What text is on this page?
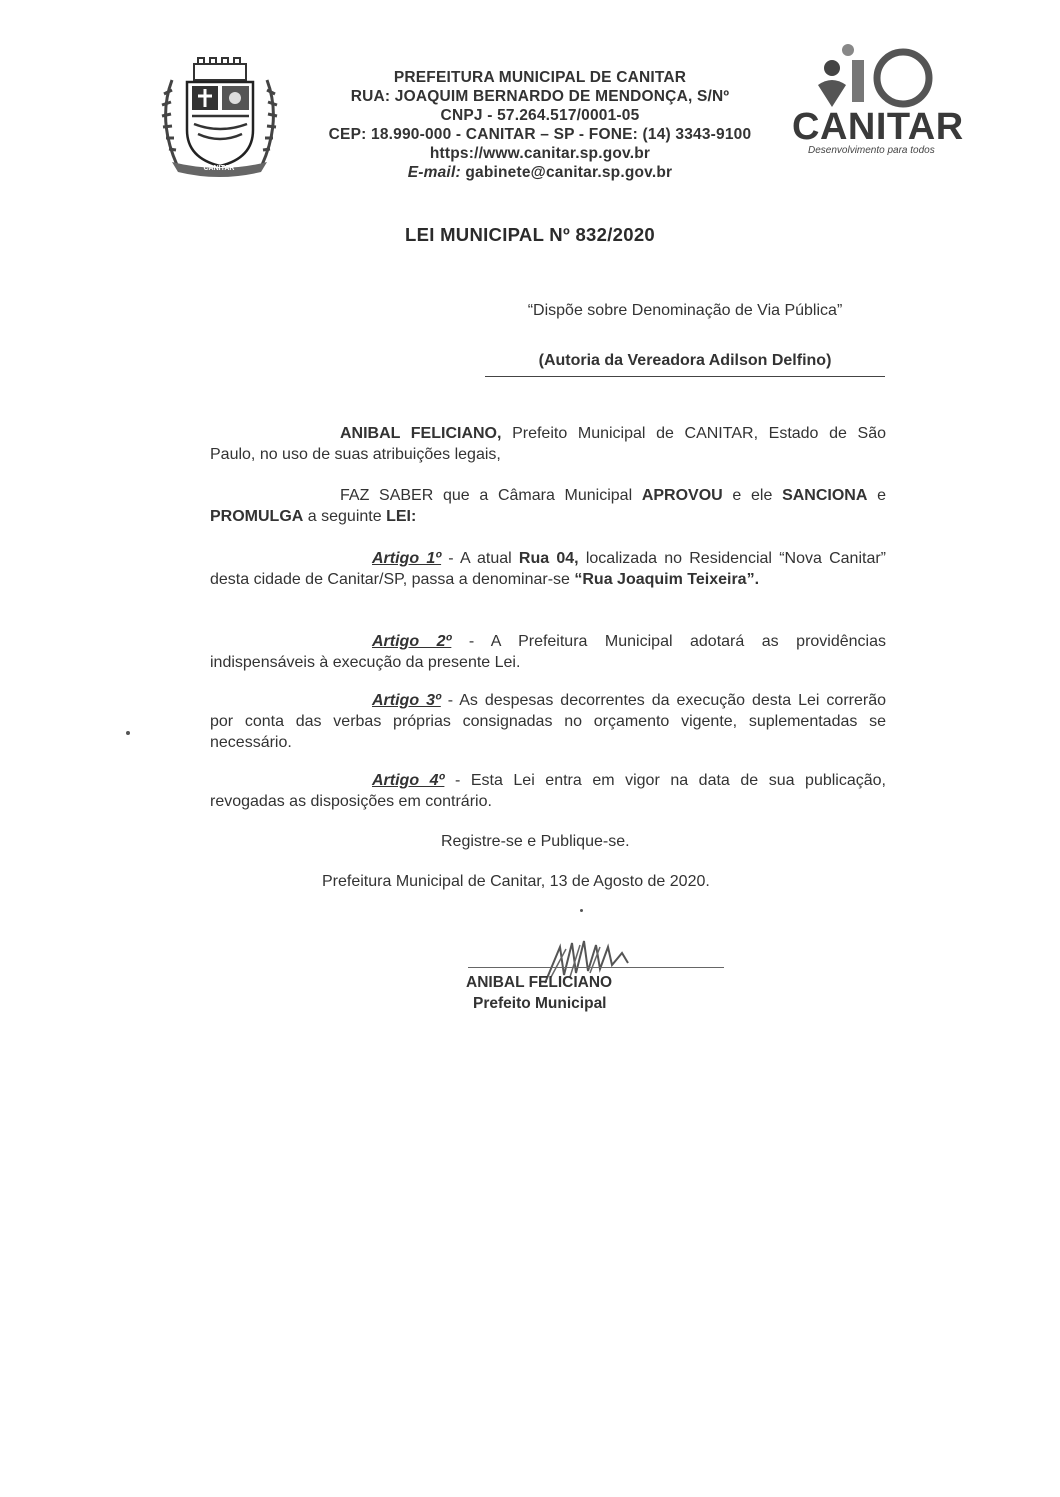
CANITAR
PREFEITURA MUNICIPAL DE CANITAR
RUA: JOAQUIM BERNARDO DE MENDONÇA, S/Nº
CNPJ - 57.264.517/0001-05
CEP: 18.990-000 - CANITAR – SP - FONE: (14) 3343-9100
https://www.canitar.sp.gov.br
E-mail: gabinete@canitar.sp.gov.br
CANITAR
Desenvolvimento para todos
LEI MUNICIPAL Nº 832/2020
“Dispõe sobre Denominação de Via Pública”
(Autoria da Vereadora Adilson Delfino)
ANIBAL FELICIANO, Prefeito Municipal de CANITAR, Estado de São Paulo, no uso de suas atribuições legais,
FAZ SABER que a Câmara Municipal APROVOU e ele SANCIONA e PROMULGA a seguinte LEI:
Artigo 1º - A atual Rua 04, localizada no Residencial “Nova Canitar” desta cidade de Canitar/SP, passa a denominar-se “Rua Joaquim Teixeira”.
Artigo 2º - A Prefeitura Municipal adotará as providências indispensáveis à execução da presente Lei.
Artigo 3º - As despesas decorrentes da execução desta Lei correrão por conta das verbas próprias consignadas no orçamento vigente, suplementadas se necessário.
Artigo 4º - Esta Lei entra em vigor na data de sua publicação, revogadas as disposições em contrário.
Registre-se e Publique-se.
Prefeitura Municipal de Canitar, 13 de Agosto de 2020.
ANIBAL FELICIANO
Prefeito Municipal
